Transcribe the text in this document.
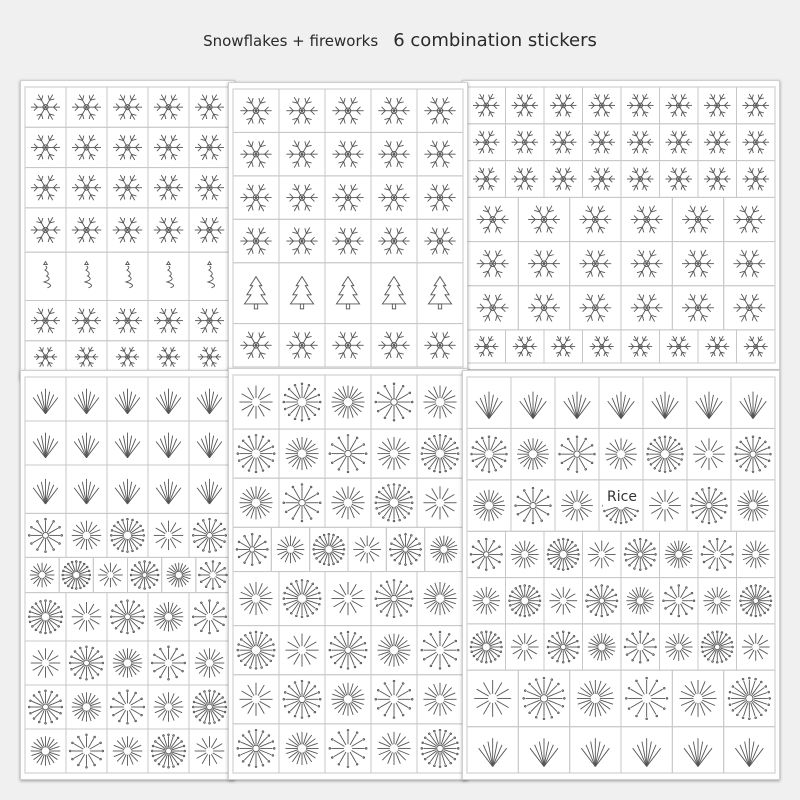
Snowflakes + fireworks 6 combination stickers
Rice
